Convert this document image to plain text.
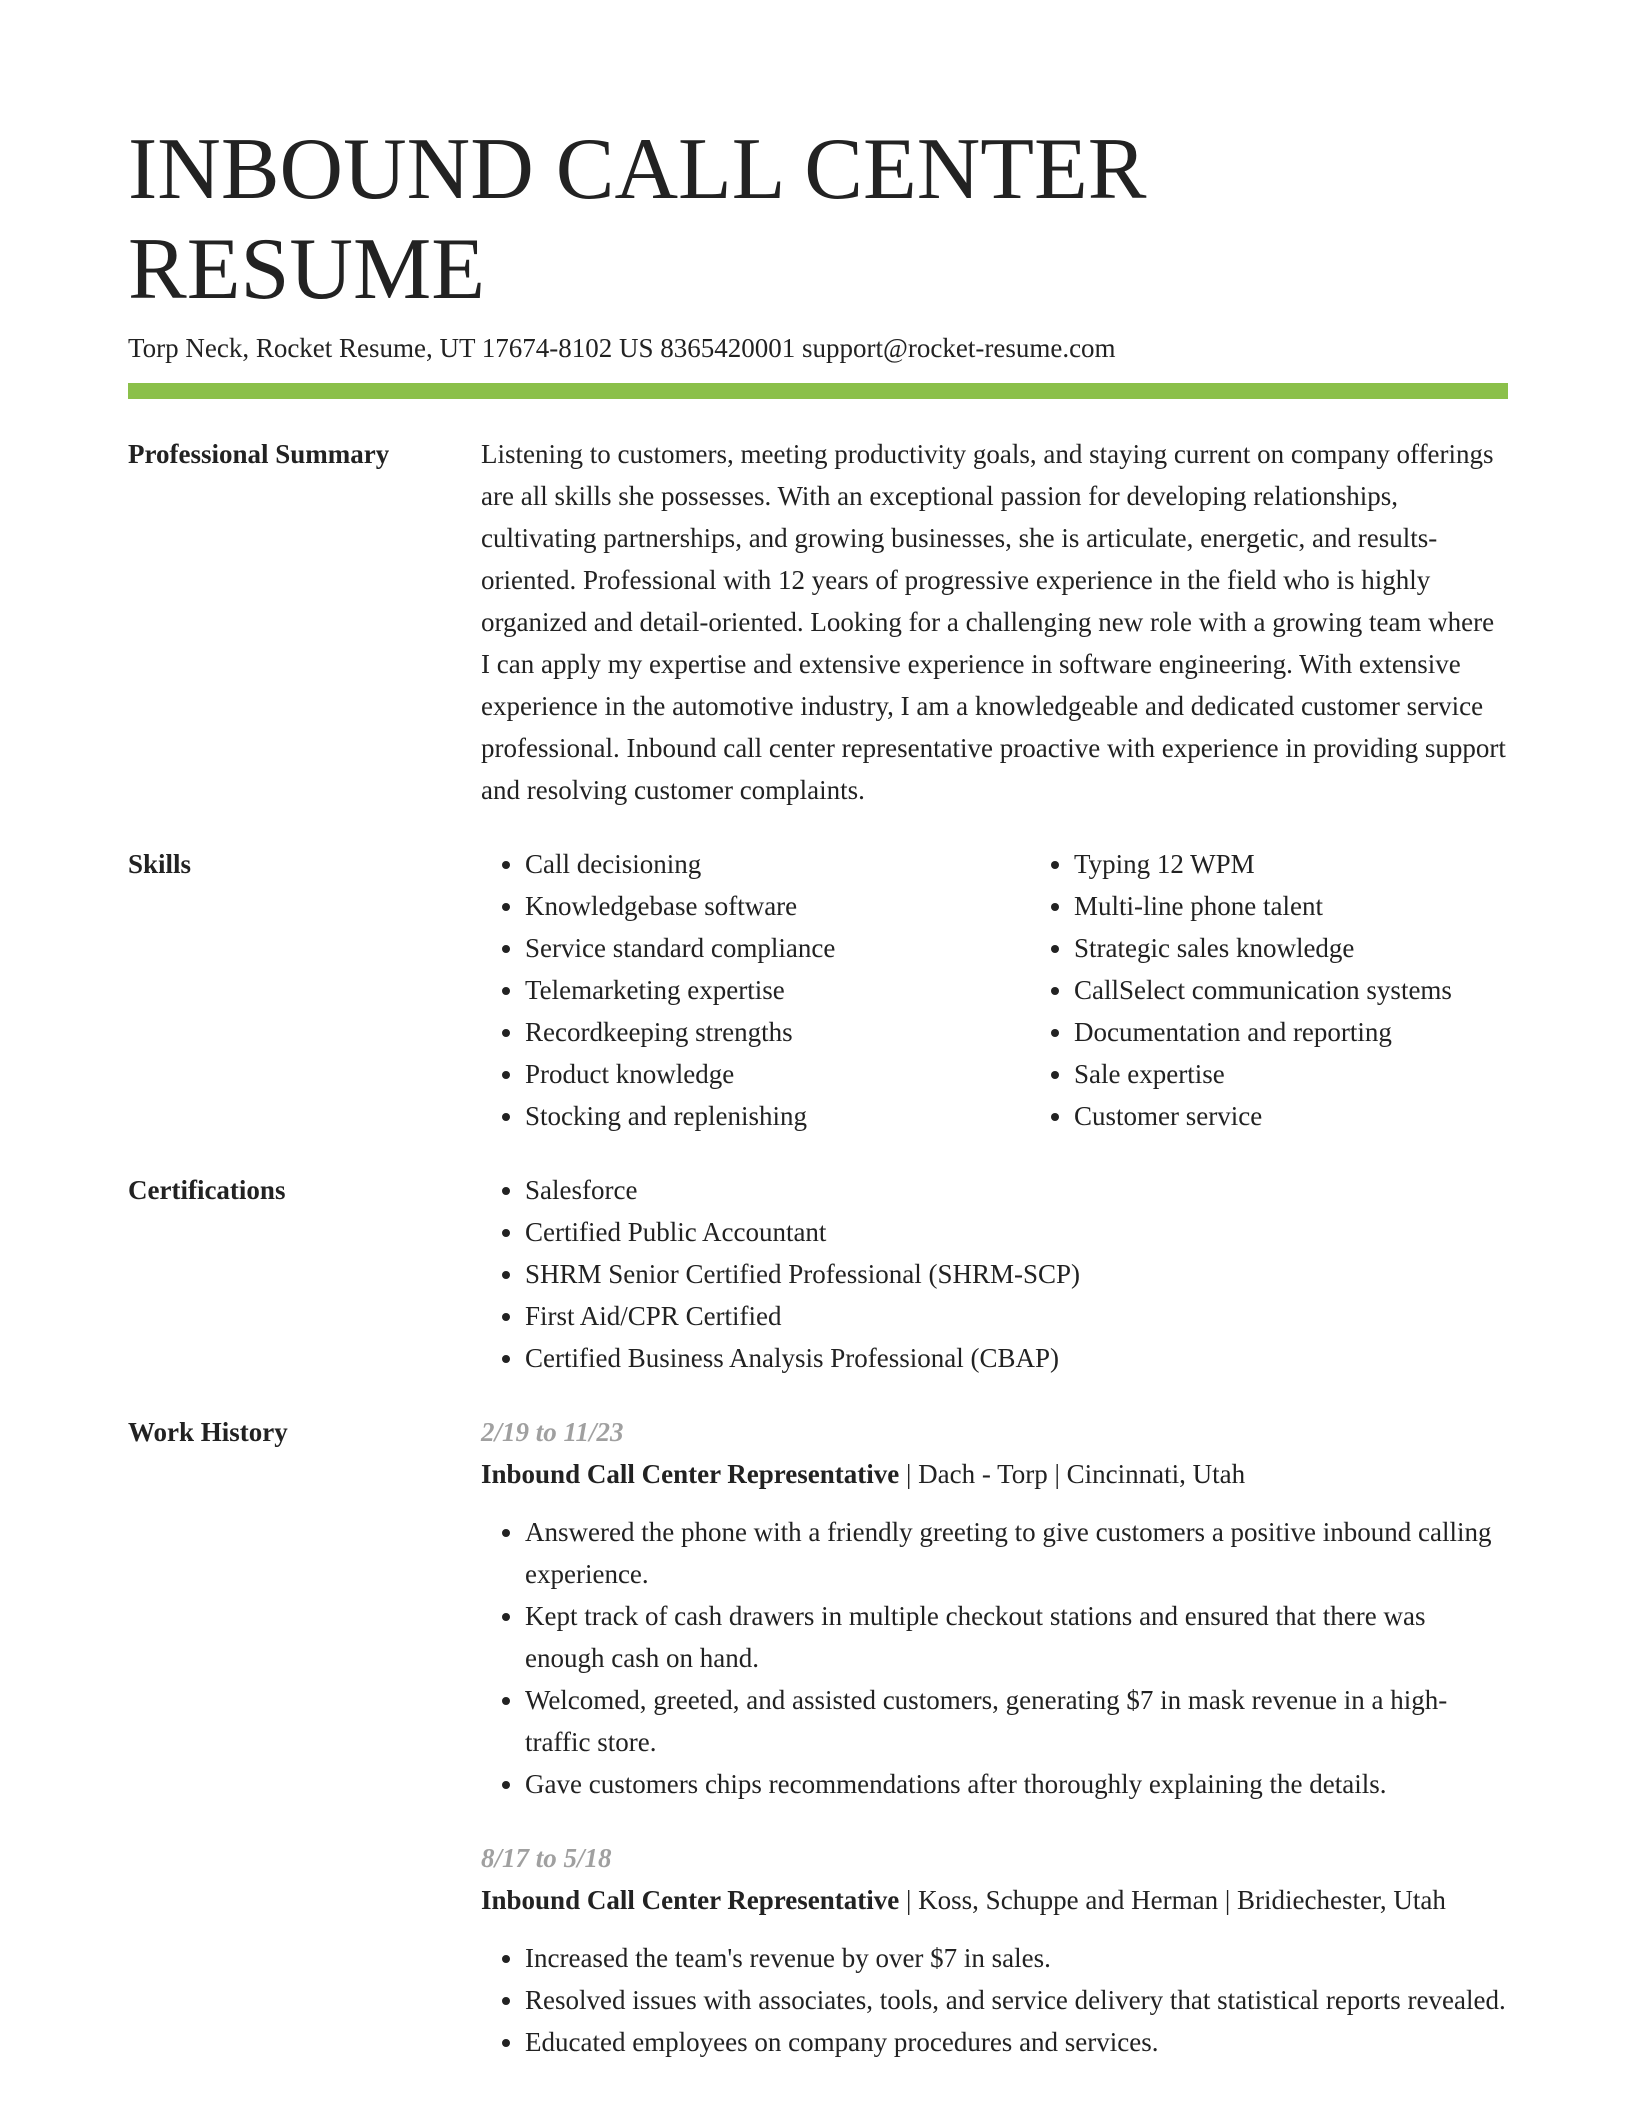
INBOUND CALL CENTER RESUME
Torp Neck, Rocket Resume, UT 17674-8102 US 8365420001 support@rocket-resume.com
Professional Summary	Listening to customers, meeting productivity goals, and staying current on company offerings are all skills she possesses. With an exceptional passion for developing relationships, cultivating partnerships, and growing businesses, she is articulate, energetic, and results-oriented. Professional with 12 years of progressive experience in the field who is highly organized and detail-oriented. Looking for a challenging new role with a growing team where I can apply my expertise and extensive experience in software engineering. With extensive experience in the automotive industry, I am a knowledgeable and dedicated customer service professional. Inbound call center representative proactive with experience in providing support and resolving customer complaints.

Skills	• Call decisioning
• Knowledgebase software
• Service standard compliance
• Telemarketing expertise
• Recordkeeping strengths
• Product knowledge
• Stocking and replenishing
• Typing 12 WPM
• Multi-line phone talent
• Strategic sales knowledge
• CallSelect communication systems
• Documentation and reporting
• Sale expertise
• Customer service
Certifications	• Salesforce
• Certified Public Accountant
• SHRM Senior Certified Professional (SHRM-SCP)
• First Aid/CPR Certified
• Certified Business Analysis Professional (CBAP)
Work History	2/19 to 11/23
Inbound Call Center Representative | Dach - Torp | Cincinnati, Utah
• Answered the phone with a friendly greeting to give customers a positive inbound calling experience.
• Kept track of cash drawers in multiple checkout stations and ensured that there was enough cash on hand.
• Welcomed, greeted, and assisted customers, generating $7 in mask revenue in a high-traffic store.
• Gave customers chips recommendations after thoroughly explaining the details.
8/17 to 5/18
Inbound Call Center Representative | Koss, Schuppe and Herman | Bridiechester, Utah
• Increased the team's revenue by over $7 in sales.
• Resolved issues with associates, tools, and service delivery that statistical reports revealed.
• Educated employees on company procedures and services.
